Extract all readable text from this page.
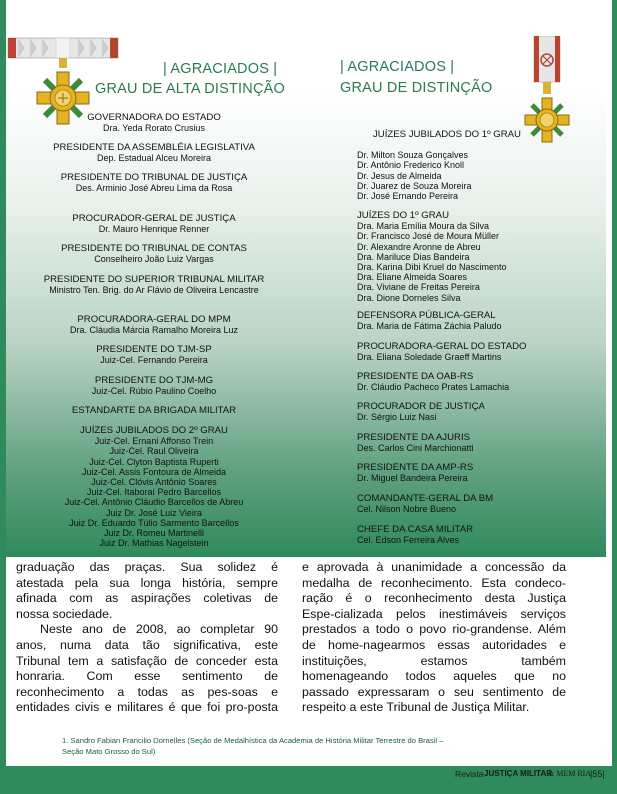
| AGRACIADOS |
GRAU DE ALTA DISTINÇÃO
| AGRACIADOS |
GRAU DE DISTINÇÃO
GOVERNADORA DO ESTADO
Dra. Yeda Rorato Crusius
PRESIDENTE DA ASSEMBLÉIA LEGISLATIVA
Dep. Estadual Alceu Moreira
PRESIDENTE DO TRIBUNAL DE JUSTIÇA
Des. Arminio José Abreu Lima da Rosa
PROCURADOR-GERAL DE JUSTIÇA
Dr. Mauro Henrique Renner
PRESIDENTE DO TRIBUNAL DE CONTAS
Conselheiro João Luiz Vargas
PRESIDENTE DO SUPERIOR TRIBUNAL MILITAR
Ministro Ten. Brig. do Ar Flávio de Oliveira Lencastre
PROCURADORA-GERAL DO MPM
Dra. Cláudia Márcia Ramalho Moreira Luz
PRESIDENTE DO TJM-SP
Juiz-Cel. Fernando Pereira
PRESIDENTE DO TJM-MG
Juiz-Cel. Rúbio Paulino Coelho
ESTANDARTE DA BRIGADA MILITAR
JUÍZES JUBILADOS DO 2º GRAU
Juiz-Cel. Ernani Affonso Trein
Juiz-Cel. Raul Oliveira
Juiz-Cel. Clyton Baptista Ruperti
Juiz-Cel. Assis Fontoura de Almeida
Juiz-Cel. Clóvis Antônio Soares
Juiz-Cel. Itaboraí Pedro Barcellos
Juiz-Cel. Antônio Cláudio Barcellos de Abreu
Juiz Dr. José Luiz Vieira
Juiz Dr. Eduardo Túlio Sarmento Barcellos
Juiz Dr. Romeu Martinelli
Juiz Dr. Mathias Nagelstein
JUÍZES JUBILADOS DO 1º GRAU
Dr. Milton Souza Gonçalves
Dr. Antônio Frederico Knoll
Dr. Jesus de Almeida
Dr. Juarez de Souza Moreira
Dr. José Ernando Pereira
JUÍZES DO 1º GRAU
Dra. Maria Emília Moura da Silva
Dr. Francisco José de Moura Müller
Dr. Alexandre Aronne de Abreu
Dra. Mariluce Dias Bandeira
Dra. Karina Dibi Kruel do Nascimento
Dra. Eliane Almeida Soares
Dra. Viviane de Freitas Pereira
Dra. Dione Dorneles Silva
DEFENSORA PÚBLICA-GERAL
Dra. Maria de Fátima Záchia Paludo
PROCURADORA-GERAL DO ESTADO
Dra. Eliana Soledade Graeff Martins
PRESIDENTE DA OAB-RS
Dr. Cláudio Pacheco Prates Lamachia
PROCURADOR DE JUSTIÇA
Dr. Sérgio Luiz Nasi
PRESIDENTE DA AJURIS
Des. Carlos Cini Marchionatti
PRESIDENTE DA AMP-RS
Dr. Miguel Bandeira Pereira
COMANDANTE-GERAL DA BM
Cel. Nilson Nobre Bueno
CHEFE DA CASA MILITAR
Cel. Edson Ferreira Alves
graduação das praças. Sua solidez é
atestada pela sua longa história, sempre
afinada com as aspirações coletivas de
nossa sociedade.
Neste ano de 2008, ao completar 90
anos, numa data tão significativa, este
Tribunal tem a satisfação de conceder esta
honraria. Com esse sentimento de
reconhecimento a todas as pes-soas e
entidades civis e militares é que foi pro-posta
e aprovada à unanimidade a concessão da
medalha de reconhecimento. Esta condeco-
ração é o reconhecimento desta Justiça
Espe-cializada pelos inestimáveis serviços
prestados a todo o povo rio-grandense. Além
de home-nagearmos essas autoridades e
instituições, estamos também
homenageando todos aqueles que no
passado expressaram o seu sentimento de
respeito a este Tribunal de Justiça Militar.
1. Sandro Fabian Francilio Dornelles (Seção de Medalhística da Academia de História Militar Terrestre do Brasil –
Seção Mato Grosso do Sul)
Revista JUSTIÇA MILITAR
& MEM RIA
|55|
